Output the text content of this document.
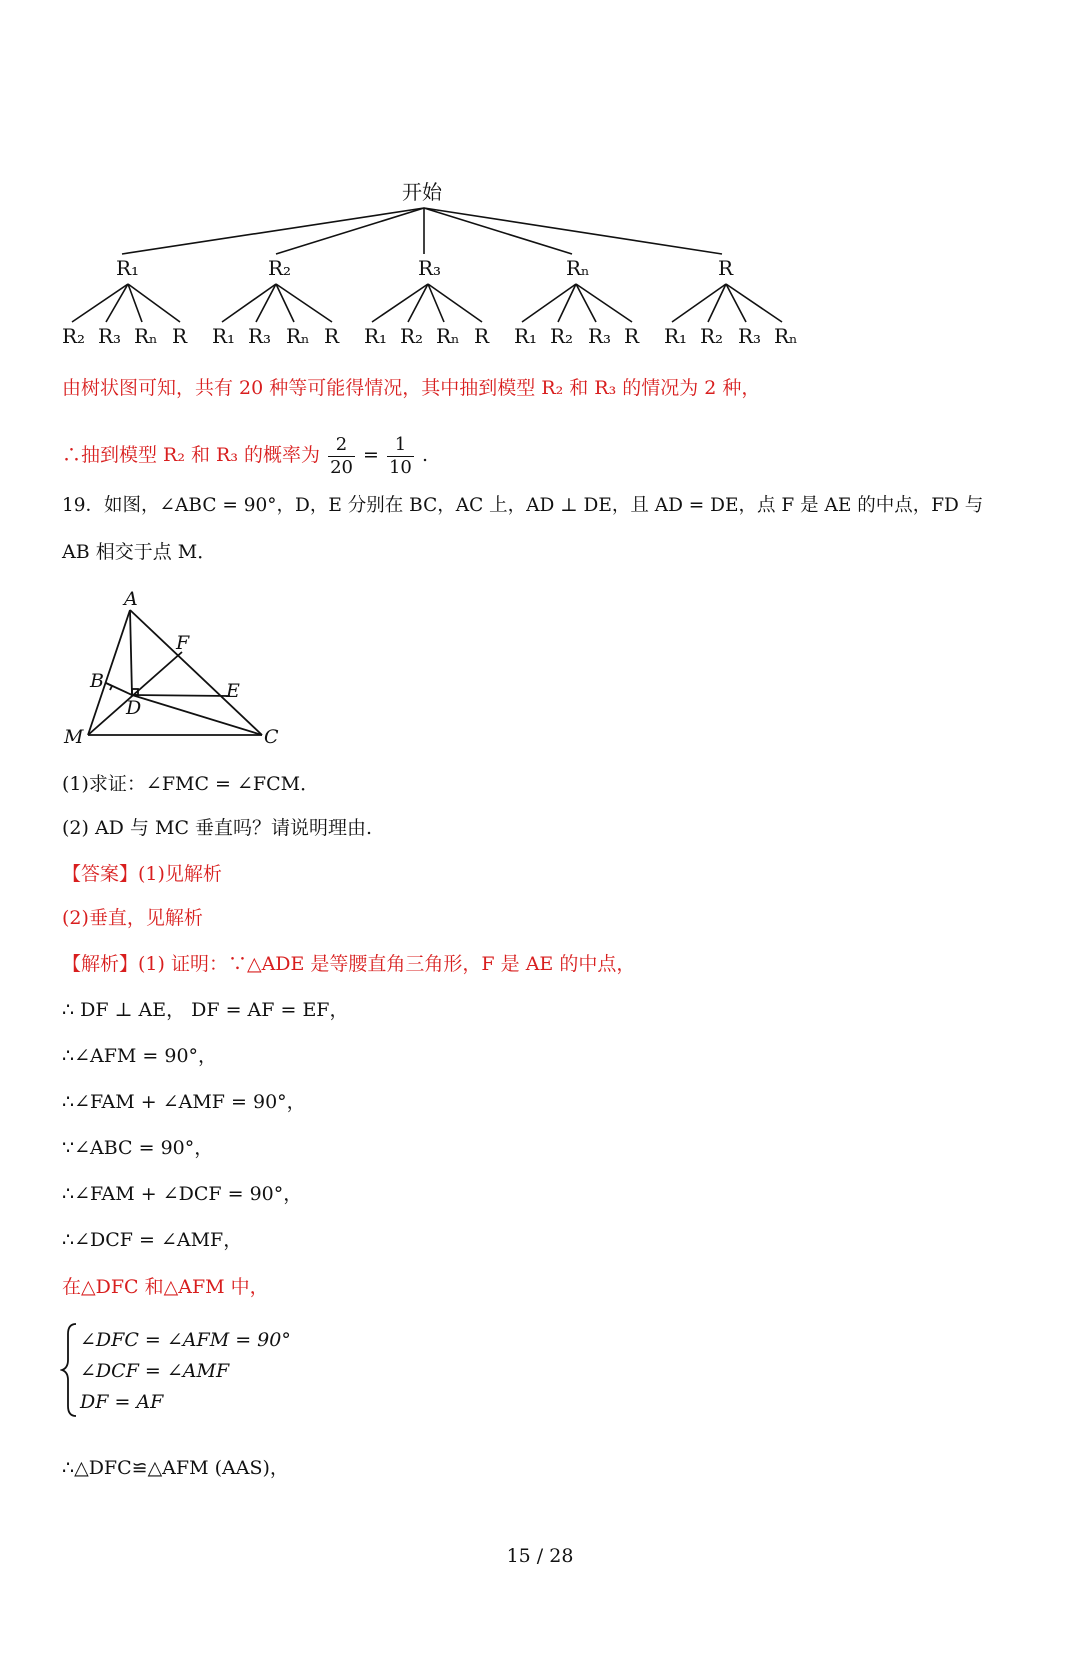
开始
R₁	R₂	R₃	Rₙ	R
R₂ R₃ Rₙ R R₁ R₃ Rₙ R R₁ R₂ Rₙ R R₁ R₂ R₃ R R₁ R₂ R₃ Rₙ
由树状图可知，共有 20 种等可能得情况，其中抽到模型 R₂ 和 R₃ 的情况为 2 种，
∴抽到模型 R₂ 和 R₃ 的概率为 $\frac{2}{20} = \frac{1}{10}$ .
19．如图，∠ABC = 90°，D，E 分别在 BC，AC 上，AD ⊥ DE，且 AD = DE，点 F 是 AE 的中点，FD 与
AB 相交于点 M．
A
F
B	E
D
M	C
(1)求证：∠FMC = ∠FCM．
(2) AD 与 MC 垂直吗？请说明理由.
【答案】(1)见解析
(2)垂直，见解析
【解析】(1) 证明：∵△ADE 是等腰直角三角形，F 是 AE 的中点，
∴ DF ⊥ AE， DF = AF = EF，
∴∠AFM = 90°，
∴∠FAM + ∠AMF = 90°，
∵∠ABC = 90°，
∴∠FAM + ∠DCF = 90°，
∴∠DCF = ∠AMF，
在△DFC 和△AFM 中，
∠DFC = ∠AFM = 90°
∠DCF = ∠AMF
DF = AF
∴△DFC≌△AFM (AAS)，
15 / 28
